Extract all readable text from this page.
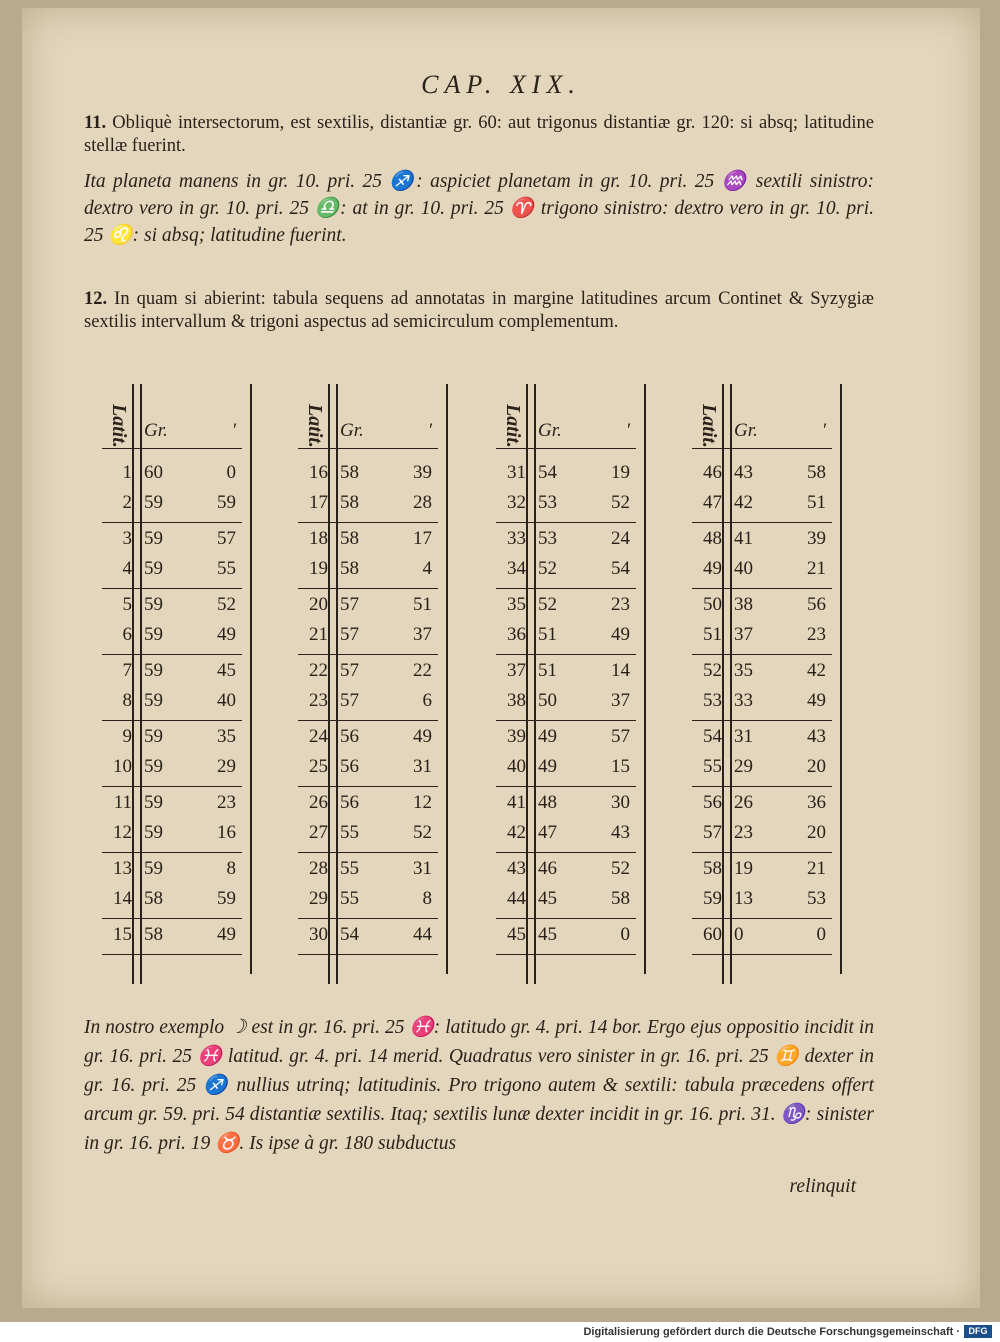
CAP. XIX.
11. Obliquè intersectorum, est sextilis, distantiæ gr. 60: aut trigonus distantiæ gr. 120: si absq; latitudine stellæ fuerint.
Ita planeta manens in gr. 10. pri. 25 ♐: aspiciet planetam in gr. 10. pri. 25 ♒ sextili sinistro: dextro vero in gr. 10. pri. 25 ♎: at in gr. 10. pri. 25 ♈ trigono sinistro: dextro vero in gr. 10. pri. 25 ♌: si absq; latitudine fuerint.
12. In quam si abierint: tabula sequens ad annotatas in margine latitudines arcum Continet & Syzygiæ sextilis intervallum & trigoni aspectus ad semicirculum complementum.
Latit. Gr.	′
1 60	0
2 59	59
3 59	57
4 59	55
5 59	52
6 59	49
7 59	45
8 59	40
9 59	35
10 59	29
11 59	23
12 59	16
13 59	8
14 58	59
15 58	49
Latit. Gr.	′
16 58	39
17 58	28
18 58	17
19 58	4
20 57	51
21 57	37
22 57	22
23 57	6
24 56	49
25 56	31
26 56	12
27 55	52
28 55	31
29 55	8
30 54	44
Latit. Gr.	′
31 54	19
32 53	52
33 53	24
34 52	54
35 52	23
36 51	49
37 51	14
38 50	37
39 49	57
40 49	15
41 48	30
42 47	43
43 46	52
44 45	58
45 45	0
Latit. Gr.	′
46 43	58
47 42	51
48 41	39
49 40	21
50 38	56
51 37	23
52 35	42
53 33	49
54 31	43
55 29	20
56 26	36
57 23	20
58 19	21
59 13	53
60 0	0
In nostro exemplo ☽ est in gr. 16. pri. 25 ♓: latitudo gr. 4. pri. 14 bor. Ergo ejus oppositio incidit in gr. 16. pri. 25 ♓ latitud. gr. 4. pri. 14 merid. Quadratus vero sinister in gr. 16. pri. 25 ♊ dexter in gr. 16. pri. 25 ♐ nullius utrinq; latitudinis. Pro trigono autem & sextili: tabula præcedens offert arcum gr. 59. pri. 54 distantiæ sextilis. Itaq; sextilis lunæ dexter incidit in gr. 16. pri. 31. ♑: sinister in gr. 16. pri. 19 ♉. Is ipse à gr. 180 subductus
relinquit
Digitalisierung gefördert durch die Deutsche Forschungsgemeinschaft · DFG
